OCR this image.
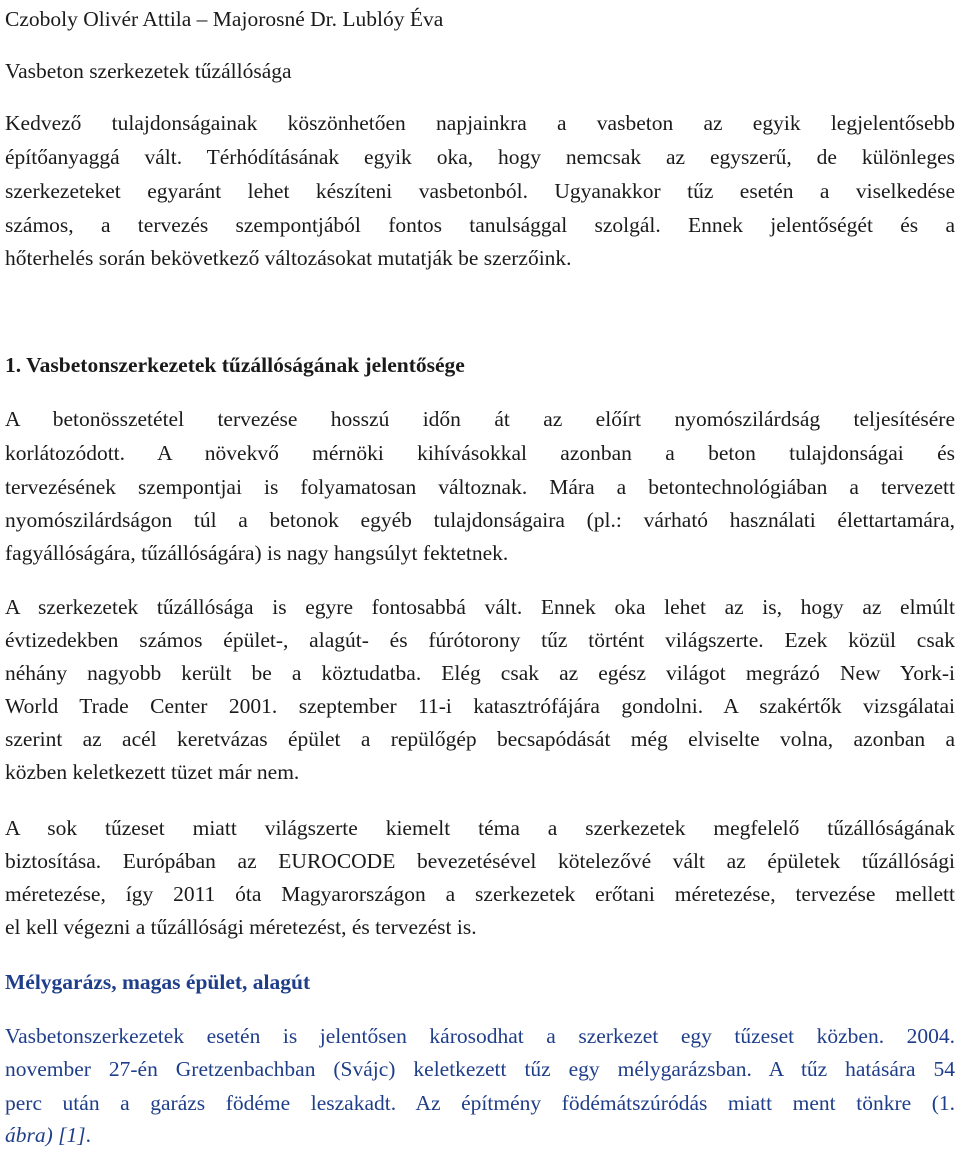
Czoboly Olivér Attila – Majorosné Dr. Lublóy Éva
Vasbeton szerkezetek tűzállósága
Kedvező tulajdonságainak köszönhetően napjainkra a vasbeton az egyik legjelentősebb
építőanyaggá vált. Térhódításának egyik oka, hogy nemcsak az egyszerű, de különleges
szerkezeteket egyaránt lehet készíteni vasbetonból. Ugyanakkor tűz esetén a viselkedése
számos, a tervezés szempontjából fontos tanulsággal szolgál. Ennek jelentőségét és a
hőterhelés során bekövetkező változásokat mutatják be szerzőink.
1. Vasbetonszerkezetek tűzállóságának jelentősége
A betonösszetétel tervezése hosszú időn át az előírt nyomószilárdság teljesítésére
korlátozódott. A növekvő mérnöki kihívásokkal azonban a beton tulajdonságai és
tervezésének szempontjai is folyamatosan változnak. Mára a betontechnológiában a tervezett
nyomószilárdságon túl a betonok egyéb tulajdonságaira (pl.: várható használati élettartamára,
fagyállóságára, tűzállóságára) is nagy hangsúlyt fektetnek.
A szerkezetek tűzállósága is egyre fontosabbá vált. Ennek oka lehet az is, hogy az elmúlt
évtizedekben számos épület-, alagút- és fúrótorony tűz történt világszerte. Ezek közül csak
néhány nagyobb került be a köztudatba. Elég csak az egész világot megrázó New York-i
World Trade Center 2001. szeptember 11-i katasztrófájára gondolni. A szakértők vizsgálatai
szerint az acél keretvázas épület a repülőgép becsapódását még elviselte volna, azonban a
közben keletkezett tüzet már nem.
A sok tűzeset miatt világszerte kiemelt téma a szerkezetek megfelelő tűzállóságának
biztosítása. Európában az EUROCODE bevezetésével kötelezővé vált az épületek tűzállósági
méretezése, így 2011 óta Magyarországon a szerkezetek erőtani méretezése, tervezése mellett
el kell végezni a tűzállósági méretezést, és tervezést is.
Mélygarázs, magas épület, alagút
Vasbetonszerkezetek esetén is jelentősen károsodhat a szerkezet egy tűzeset közben. 2004.
november 27-én Gretzenbachban (Svájc) keletkezett tűz egy mélygarázsban. A tűz hatására 54
perc után a garázs födéme leszakadt. Az építmény födémátszúródás miatt ment tönkre (1.
ábra) [1].
